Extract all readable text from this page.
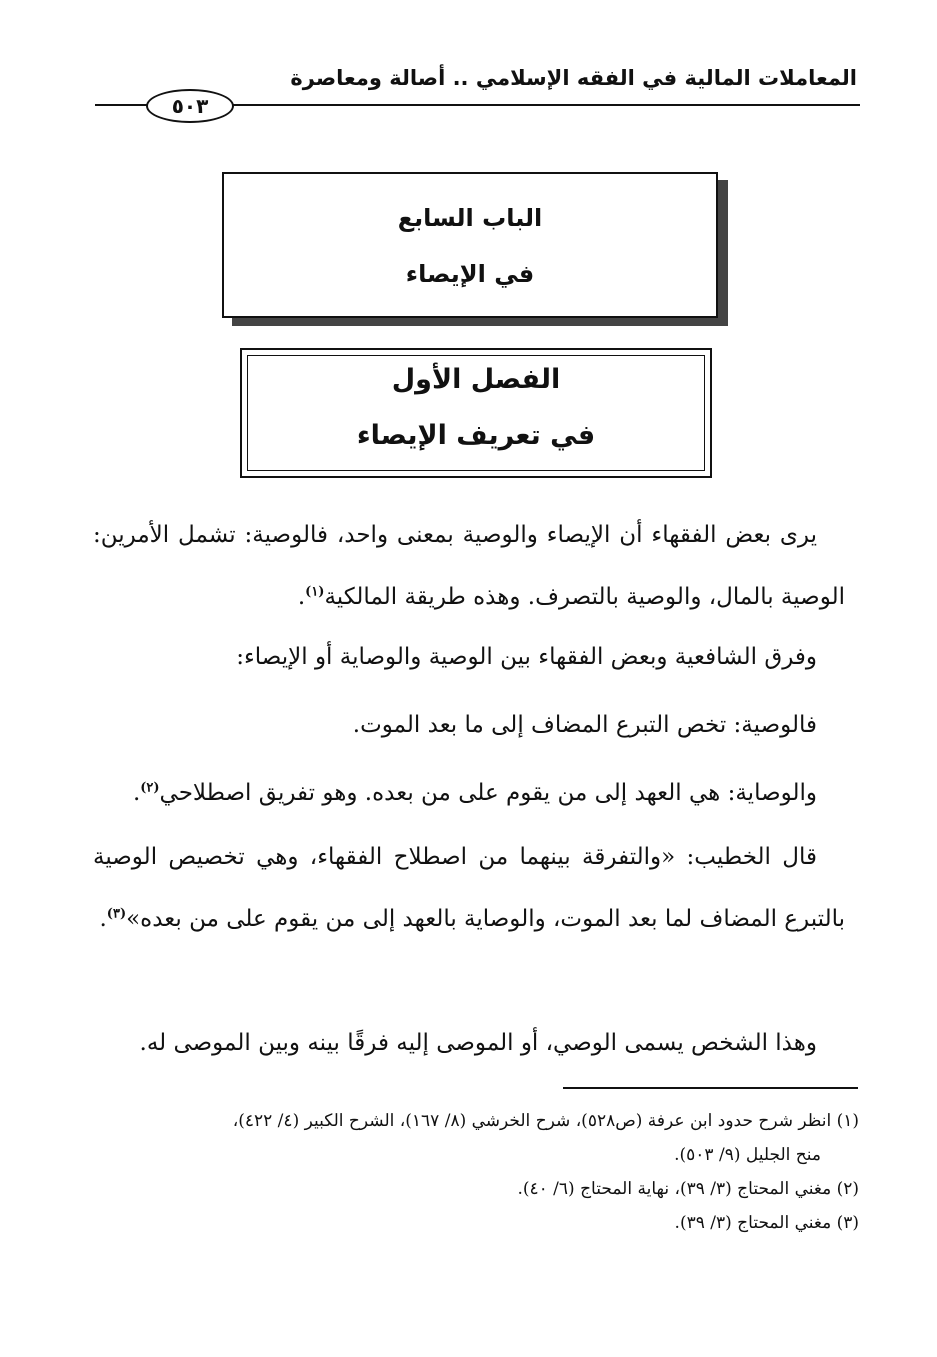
المعاملات المالية في الفقه الإسلامي .. أصالة ومعاصرة
٥٠٣
الباب السابع
في الإيصاء
الفصل الأول
في تعريف الإيصاء
يرى بعض الفقهاء أن الإيصاء والوصية بمعنى واحد، فالوصية: تشمل الأمرين: الوصية بالمال، والوصية بالتصرف. وهذه طريقة المالكية$^{(١)}$.
وفرق الشافعية وبعض الفقهاء بين الوصية والوصاية أو الإيصاء:
فالوصية: تخص التبرع المضاف إلى ما بعد الموت.
والوصاية: هي العهد إلى من يقوم على من بعده. وهو تفريق اصطلاحي$^{(٢)}$.
قال الخطيب: «والتفرقة بينهما من اصطلاح الفقهاء، وهي تخصيص الوصية بالتبرع المضاف لما بعد الموت، والوصاية بالعهد إلى من يقوم على من بعده»$^{(٣)}$.
وهذا الشخص يسمى الوصي، أو الموصى إليه فرقًا بينه وبين الموصى له.
(١) انظر شرح حدود ابن عرفة (ص٥٢٨)، شرح الخرشي (٨/ ١٦٧)، الشرح الكبير (٤/ ٤٢٢)،
منح الجليل (٩/ ٥٠٣).
(٢) مغني المحتاج (٣/ ٣٩)، نهاية المحتاج (٦/ ٤٠).
(٣) مغني المحتاج (٣/ ٣٩).
